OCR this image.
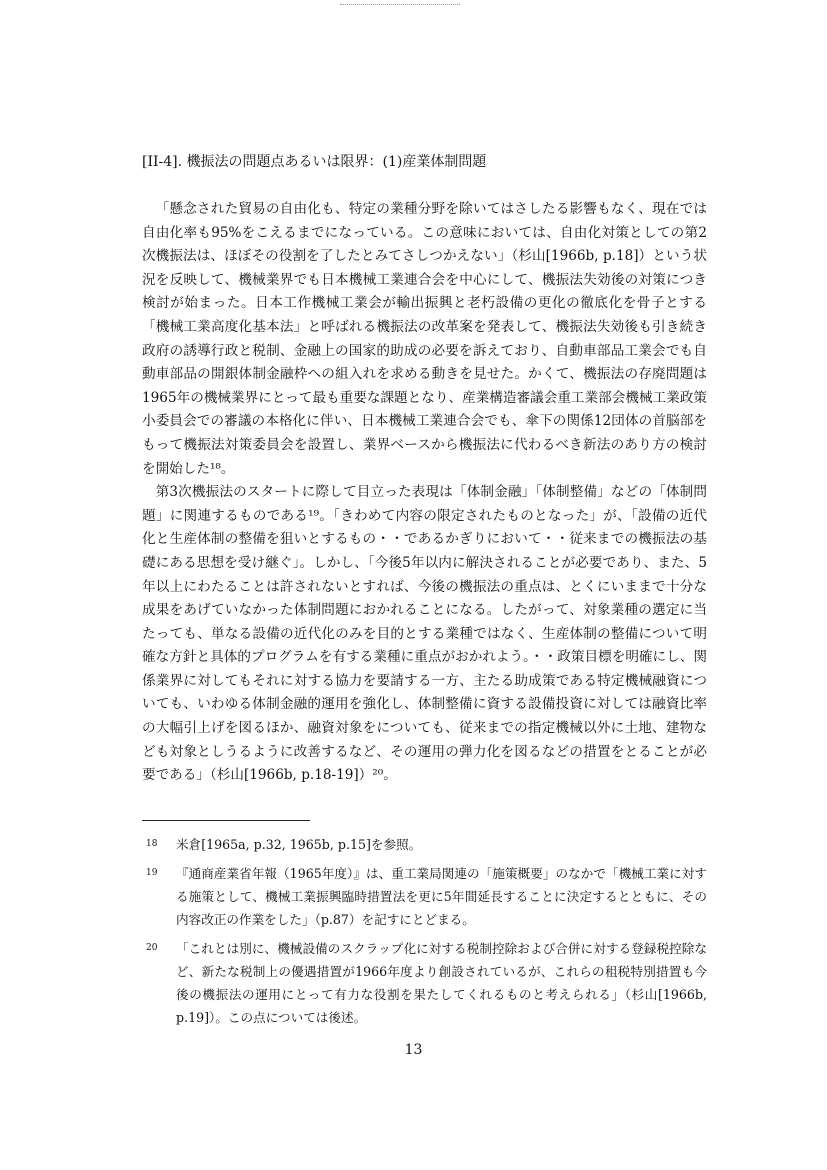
[II-4]. 機振法の問題点あるいは限界：(1)産業体制問題

「懸念された貿易の自由化も、特定の業種分野を除いてはさしたる影響もなく、現在では自由化率も95%をこえるまでになっている。この意味においては、自由化対策としての第2次機振法は、ほぼその役割を了したとみてさしつかえない」（杉山[1966b, p.18]）という状況を反映して、機械業界でも日本機械工業連合会を中心にして、機振法失効後の対策につき検討が始まった。日本工作機械工業会が輸出振興と老朽設備の更化の徹底化を骨子とする「機械工業高度化基本法」と呼ばれる機振法の改革案を発表して、機振法失効後も引き続き政府の誘導行政と税制、金融上の国家的助成の必要を訴えており、自動車部品工業会でも自動車部品の開銀体制金融枠への組入れを求める動きを見せた。かくて、機振法の存廃問題は1965年の機械業界にとって最も重要な課題となり、産業構造審議会重工業部会機械工業政策小委員会での審議の本格化に伴い、日本機械工業連合会でも、傘下の関係12団体の首脳部をもって機振法対策委員会を設置し、業界ベースから機振法に代わるべき新法のあり方の検討を開始した¹⁸。

第3次機振法のスタートに際して目立った表現は「体制金融」「体制整備」などの「体制問題」に関連するものである¹⁹。「きわめて内容の限定されたものとなった」が、「設備の近代化と生産体制の整備を狙いとするもの・・であるかぎりにおいて・・従来までの機振法の基礎にある思想を受け継ぐ」。しかし、「今後5年以内に解決されることが必要であり、また、5年以上にわたることは許されないとすれば、今後の機振法の重点は、とくにいままで十分な成果をあげていなかった体制問題におかれることになる。したがって、対象業種の選定に当たっても、単なる設備の近代化のみを目的とする業種ではなく、生産体制の整備について明確な方針と具体的プログラムを有する業種に重点がおかれよう。・・政策目標を明確にし、関係業界に対してもそれに対する協力を要請する一方、主たる助成策である特定機械融資についても、いわゆる体制金融的運用を強化し、体制整備に資する設備投資に対しては融資比率の大幅引上げを図るほか、融資対象をについても、従来までの指定機械以外に土地、建物なども対象としうるように改善するなど、その運用の弾力化を図るなどの措置をとることが必要である」（杉山[1966b, p.18-19]）²⁰。

18 米倉[1965a, p.32, 1965b, p.15]を参照。
19 『通商産業省年報（1965年度）』は、重工業局関連の「施策概要」のなかで「機械工業に対する施策として、機械工業振興臨時措置法を更に5年間延長することに決定するとともに、その内容改正の作業をした」（p.87）を記すにとどまる。
20 「これとは別に、機械設備のスクラップ化に対する税制控除および合併に対する登録税控除など、新たな税制上の優遇措置が1966年度より創設されているが、これらの租税特別措置も今後の機振法の運用にとって有力な役割を果たしてくれるものと考えられる」（杉山[1966b, p.19]）。この点については後述。
13
